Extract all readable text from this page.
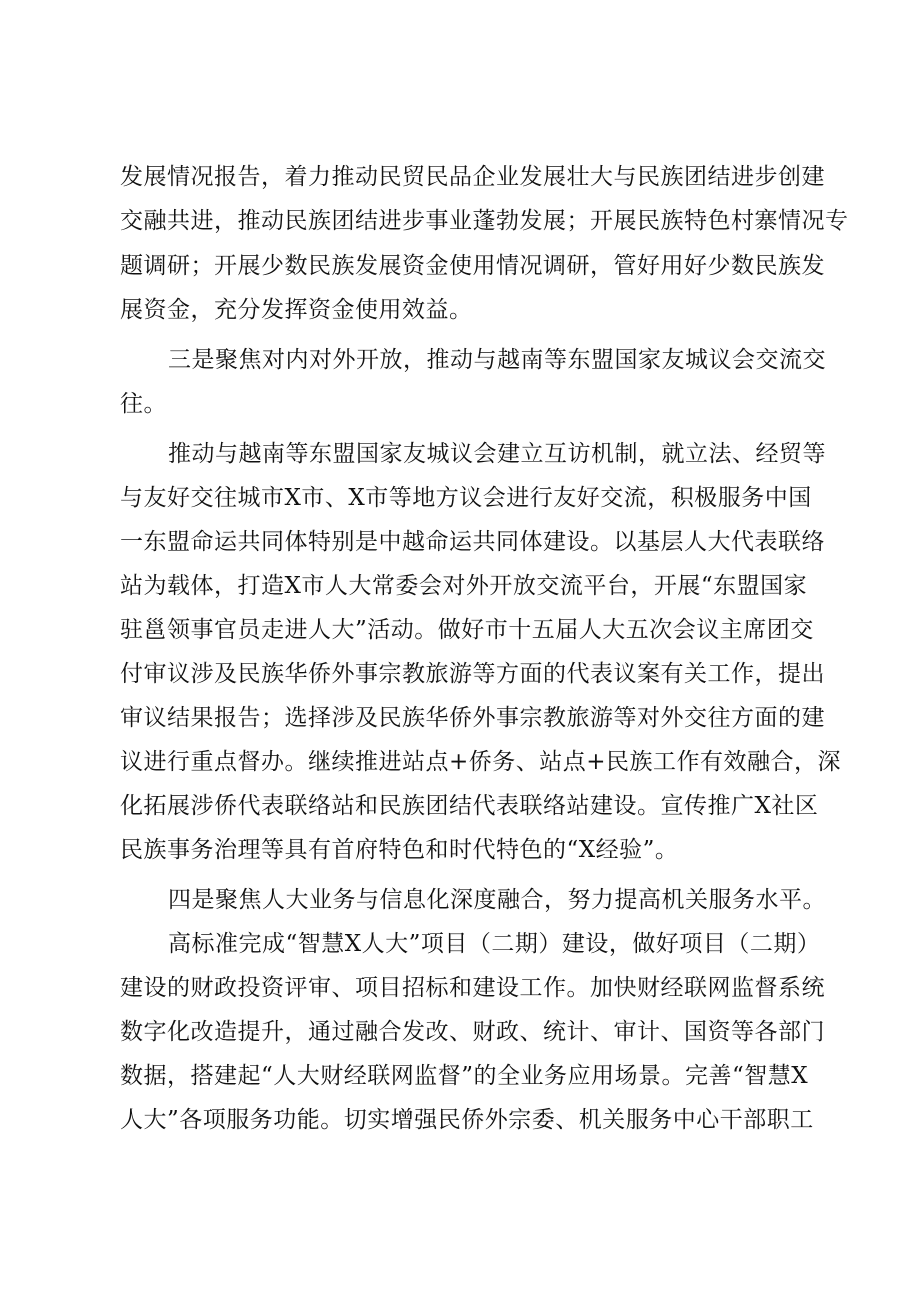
发展情况报告，着力推动民贸民品企业发展壮大与民族团结进步创建
交融共进，推动民族团结进步事业蓬勃发展；开展民族特色村寨情况专
题调研；开展少数民族发展资金使用情况调研，管好用好少数民族发
展资金，充分发挥资金使用效益。
三是聚焦对内对外开放，推动与越南等东盟国家友城议会交流交
往。
推动与越南等东盟国家友城议会建立互访机制，就立法、经贸等
与友好交往城市X市、X市等地方议会进行友好交流，积极服务中国
一东盟命运共同体特别是中越命运共同体建设。以基层人大代表联络
站为载体，打造X市人大常委会对外开放交流平台，开展“东盟国家
驻邕领事官员走进人大”活动。做好市十五届人大五次会议主席团交
付审议涉及民族华侨外事宗教旅游等方面的代表议案有关工作，提出
审议结果报告；选择涉及民族华侨外事宗教旅游等对外交往方面的建
议进行重点督办。继续推进站点+侨务、站点+民族工作有效融合，深
化拓展涉侨代表联络站和民族团结代表联络站建设。宣传推广X社区
民族事务治理等具有首府特色和时代特色的“X经验”。
四是聚焦人大业务与信息化深度融合，努力提高机关服务水平。
高标准完成“智慧X人大”项目（二期）建设，做好项目（二期）
建设的财政投资评审、项目招标和建设工作。加快财经联网监督系统
数字化改造提升，通过融合发改、财政、统计、审计、国资等各部门
数据，搭建起“人大财经联网监督”的全业务应用场景。完善“智慧X
人大”各项服务功能。切实增强民侨外宗委、机关服务中心干部职工
